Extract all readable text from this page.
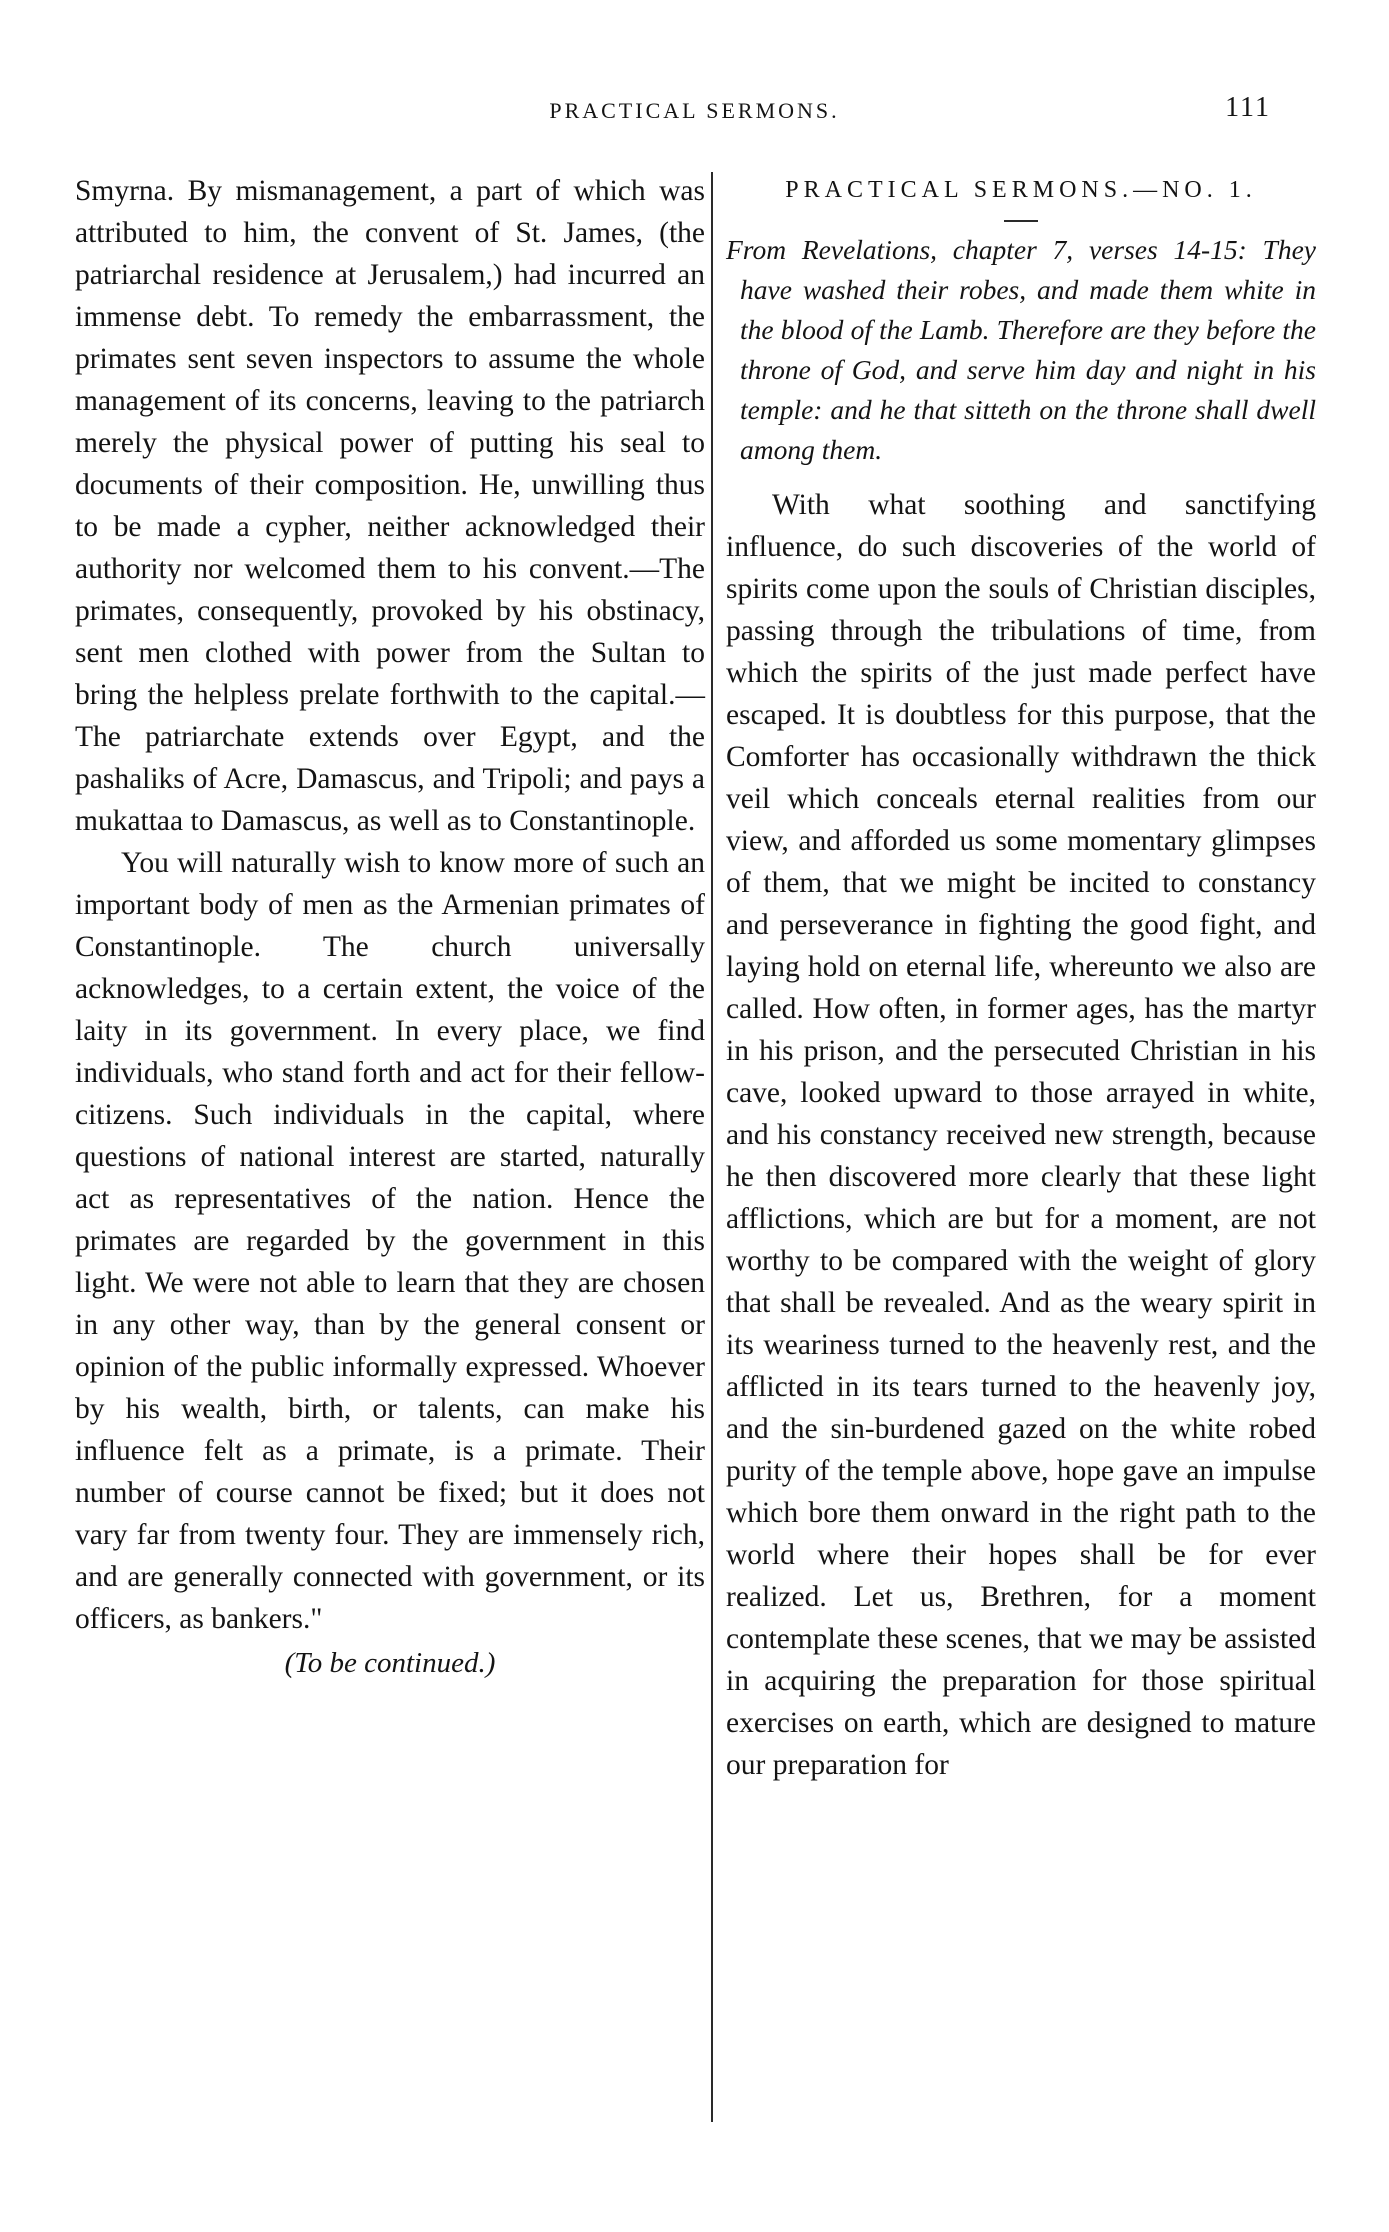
PRACTICAL SERMONS.	111

Smyrna. By mismanagement, a part of which was attributed to him, the convent of St. James, (the patriarchal residence at Jerusalem,) had incurred an immense debt. To remedy the embarrassment, the primates sent seven inspectors to assume the whole management of its concerns, leaving to the patriarch merely the physical power of putting his seal to documents of their composition. He, unwilling thus to be made a cypher, neither acknowledged their authority nor welcomed them to his convent.—The primates, consequently, provoked by his obstinacy, sent men clothed with power from the Sultan to bring the helpless prelate forthwith to the capital.—The patriarchate extends over Egypt, and the pashaliks of Acre, Damascus, and Tripoli; and pays a mukattaa to Damascus, as well as to Constantinople.

You will naturally wish to know more of such an important body of men as the Armenian primates of Constantinople. The church universally acknowledges, to a certain extent, the voice of the laity in its government. In every place, we find individuals, who stand forth and act for their fellow-citizens. Such individuals in the capital, where questions of national interest are started, naturally act as representatives of the nation. Hence the primates are regarded by the government in this light. We were not able to learn that they are chosen in any other way, than by the general consent or opinion of the public informally expressed. Whoever by his wealth, birth, or talents, can make his influence felt as a primate, is a primate. Their number of course cannot be fixed; but it does not vary far from twenty four. They are immensely rich, and are generally connected with government, or its officers, as bankers."

(To be continued.)
PRACTICAL SERMONS.—NO. 1.

From Revelations, chapter 7, verses 14-15: They have washed their robes, and made them white in the blood of the Lamb. Therefore are they before the throne of God, and serve him day and night in his temple: and he that sitteth on the throne shall dwell among them.

With what soothing and sanctifying influence, do such discoveries of the world of spirits come upon the souls of Christian disciples, passing through the tribulations of time, from which the spirits of the just made perfect have escaped. It is doubtless for this purpose, that the Comforter has occasionally withdrawn the thick veil which conceals eternal realities from our view, and afforded us some momentary glimpses of them, that we might be incited to constancy and perseverance in fighting the good fight, and laying hold on eternal life, whereunto we also are called. How often, in former ages, has the martyr in his prison, and the persecuted Christian in his cave, looked upward to those arrayed in white, and his constancy received new strength, because he then discovered more clearly that these light afflictions, which are but for a moment, are not worthy to be compared with the weight of glory that shall be revealed. And as the weary spirit in its weariness turned to the heavenly rest, and the afflicted in its tears turned to the heavenly joy, and the sin-burdened gazed on the white robed purity of the temple above, hope gave an impulse which bore them onward in the right path to the world where their hopes shall be for ever realized. Let us, Brethren, for a moment contemplate these scenes, that we may be assisted in acquiring the preparation for those spiritual exercises on earth, which are designed to mature our preparation for
